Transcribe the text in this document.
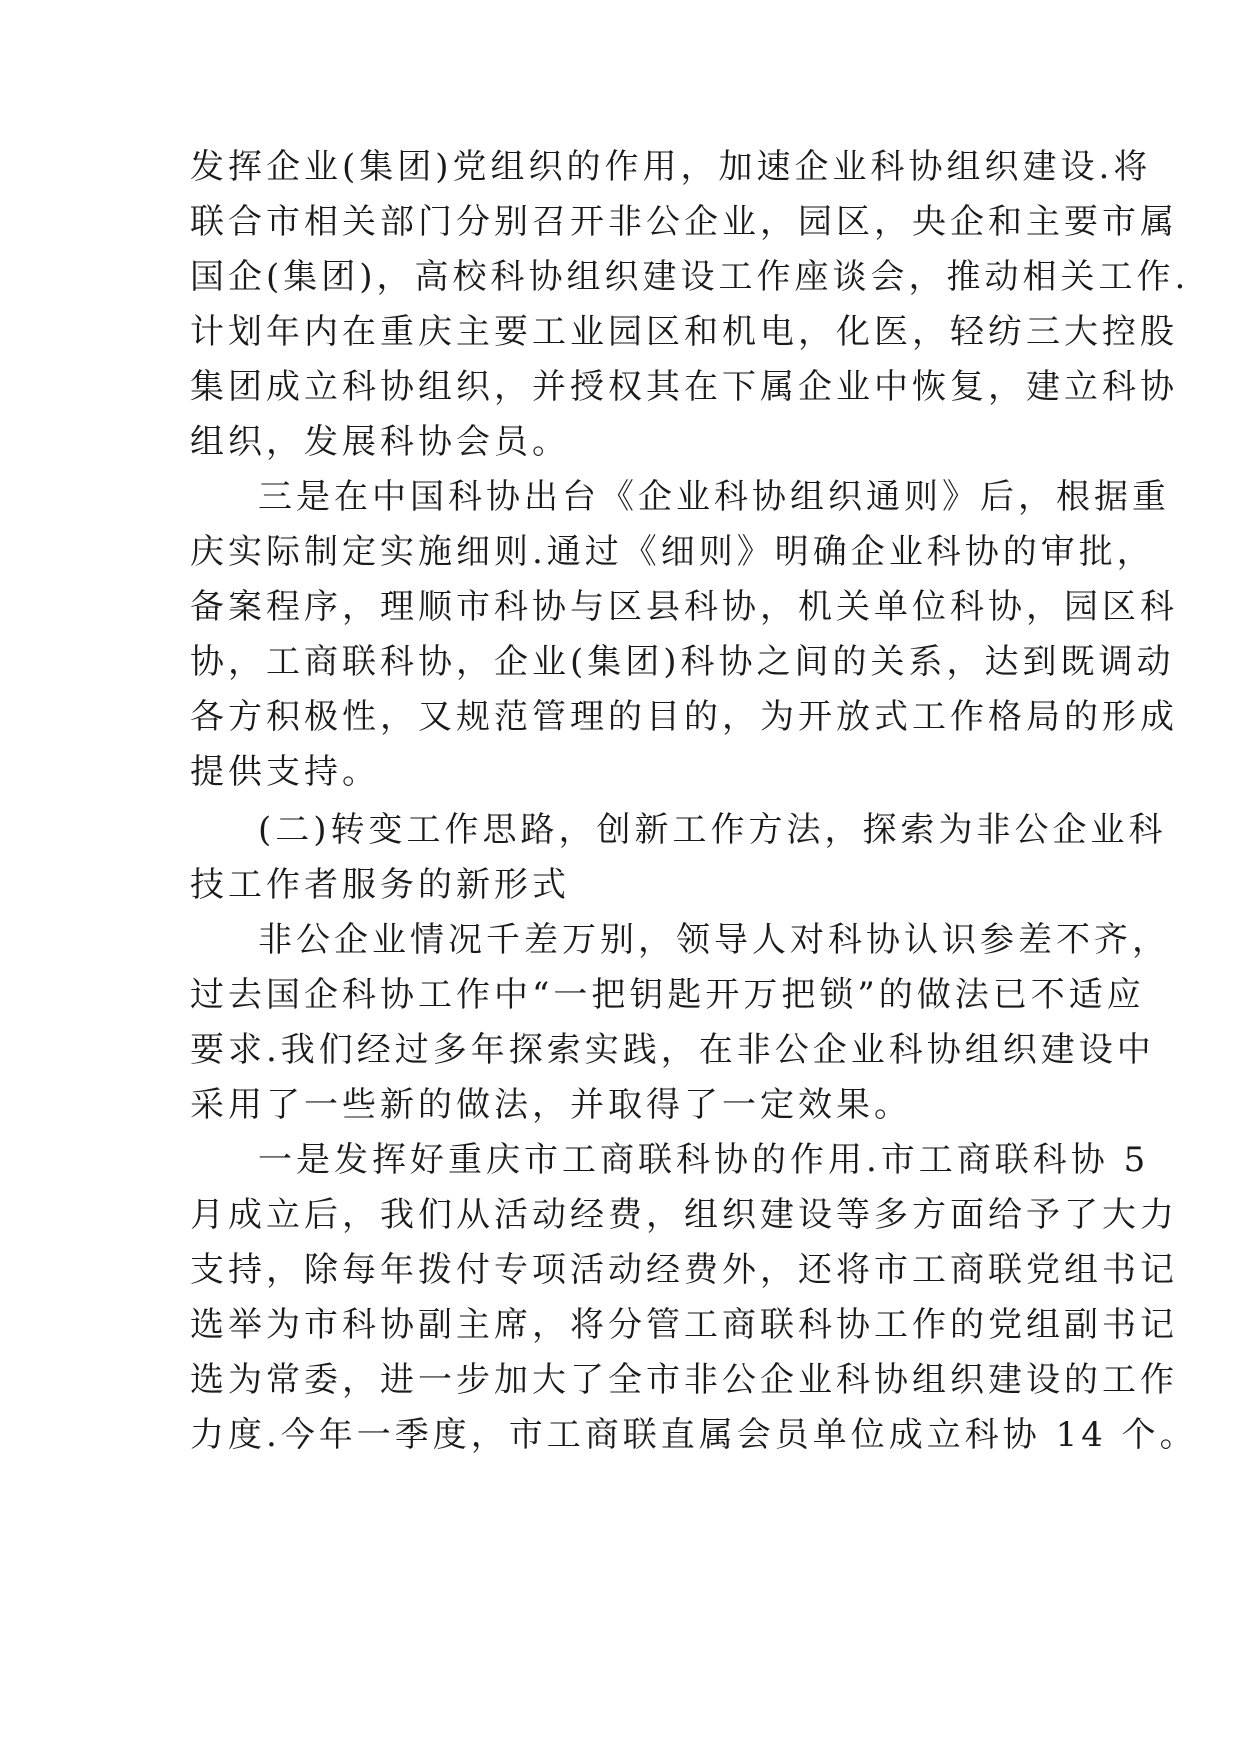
发挥企业(集团)党组织的作用，加速企业科协组织建设.将
联合市相关部门分别召开非公企业，园区，央企和主要市属
国企(集团)，高校科协组织建设工作座谈会，推动相关工作.
计划年内在重庆主要工业园区和机电，化医，轻纺三大控股
集团成立科协组织，并授权其在下属企业中恢复，建立科协
组织，发展科协会员。
三是在中国科协出台《企业科协组织通则》后，根据重
庆实际制定实施细则.通过《细则》明确企业科协的审批，
备案程序，理顺市科协与区县科协，机关单位科协，园区科
协，工商联科协，企业(集团)科协之间的关系，达到既调动
各方积极性，又规范管理的目的，为开放式工作格局的形成
提供支持。
(二)转变工作思路，创新工作方法，探索为非公企业科
技工作者服务的新形式
非公企业情况千差万别，领导人对科协认识参差不齐，
过去国企科协工作中“一把钥匙开万把锁”的做法已不适应
要求.我们经过多年探索实践，在非公企业科协组织建设中
采用了一些新的做法，并取得了一定效果。
一是发挥好重庆市工商联科协的作用.市工商联科协 5
月成立后，我们从活动经费，组织建设等多方面给予了大力
支持，除每年拨付专项活动经费外，还将市工商联党组书记
选举为市科协副主席，将分管工商联科协工作的党组副书记
选为常委，进一步加大了全市非公企业科协组织建设的工作
力度.今年一季度，市工商联直属会员单位成立科协 14 个。
